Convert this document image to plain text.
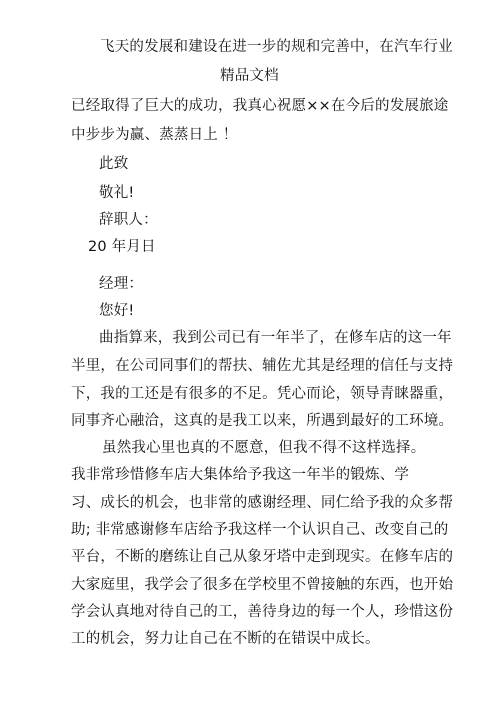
飞天的发展和建设在进一步的规和完善中，在汽车行业
精品文档
已经取得了巨大的成功，我真心祝愿××在今后的发展旅途
中步步为赢、蒸蒸日上 ！
此致
敬礼!
辞职人：
20 年月日
经理：
您好!
曲指算来，我到公司已有一年半了，在修车店的这一年
半里，在公司同事们的帮扶、辅佐尤其是经理的信任与支持
下，我的工还是有很多的不足。凭心而论，领导青睐器重，
同事齐心融洽，这真的是我工以来，所遇到最好的工环境。
虽然我心里也真的不愿意，但我不得不这样选择。
我非常珍惜修车店大集体给予我这一年半的锻炼、学
习、成长的机会，也非常的感谢经理、同仁给予我的众多帮
助; 非常感谢修车店给予我这样一个认识自己、改变自己的
平台，不断的磨练让自己从象牙塔中走到现实。在修车店的
大家庭里，我学会了很多在学校里不曾接触的东西，也开始
学会认真地对待自己的工，善待身边的每一个人，珍惜这份
工的机会，努力让自己在不断的在错误中成长。
